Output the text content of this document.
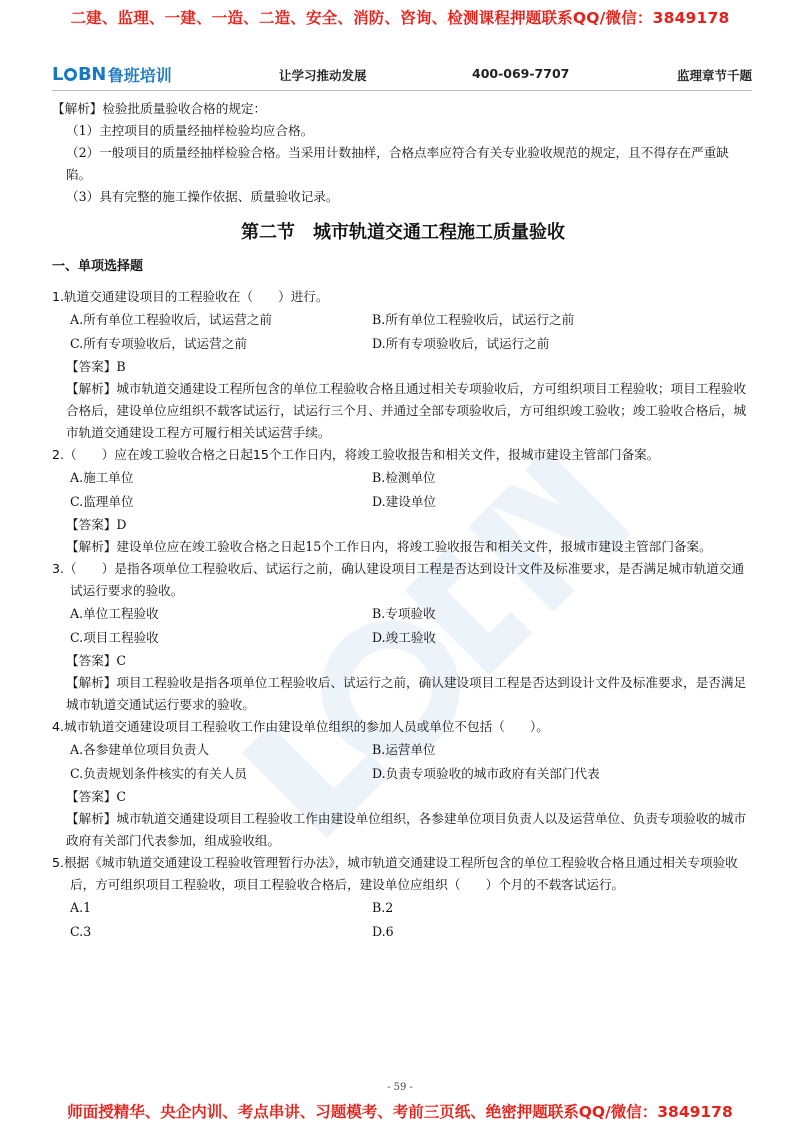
二建、监理、一建、一造、二造、安全、消防、咨询、检测课程押题联系QQ/微信：3849178
L BN 鲁班培训	让学习推动发展	400-069-7707	监理章节千题

【解析】检验批质量验收合格的规定：

（1）主控项目的质量经抽样检验均应合格。

（2）一般项目的质量经抽样检验合格。当采用计数抽样，合格点率应符合有关专业验收规范的规定，且不得存在严重缺陷。

（3）具有完整的施工操作依据、质量验收记录。

第二节　城市轨道交通工程施工质量验收
一、单项选择题

1.轨道交通建设项目的工程验收在（　　）进行。

A.所有单位工程验收后，试运营之前	B.所有单位工程验收后，试运行之前
C.所有专项验收后，试运营之前	D.所有专项验收后，试运行之前

【答案】B

【解析】城市轨道交通建设工程所包含的单位工程验收合格且通过相关专项验收后，方可组织项目工程验收；项目工程验收合格后，建设单位应组织不载客试运行，试运行三个月、并通过全部专项验收后，方可组织竣工验收；竣工验收合格后，城市轨道交通建设工程方可履行相关试运营手续。

2.（　　）应在竣工验收合格之日起15个工作日内，将竣工验收报告和相关文件，报城市建设主管部门备案。

A.施工单位	B.检测单位
C.监理单位	D.建设单位

【答案】D

【解析】建设单位应在竣工验收合格之日起15个工作日内，将竣工验收报告和相关文件，报城市建设主管部门备案。

3.（　　）是指各项单位工程验收后、试运行之前，确认建设项目工程是否达到设计文件及标准要求，是否满足城市轨道交通试运行要求的验收。

A.单位工程验收	B.专项验收
C.项目工程验收	D.竣工验收

【答案】C

【解析】项目工程验收是指各项单位工程验收后、试运行之前，确认建设项目工程是否达到设计文件及标准要求，是否满足城市轨道交通试运行要求的验收。

4.城市轨道交通建设项目工程验收工作由建设单位组织的参加人员或单位不包括（　　）。

A.各参建单位项目负责人	B.运营单位
C.负责规划条件核实的有关人员	D.负责专项验收的城市政府有关部门代表

【答案】C

【解析】城市轨道交通建设项目工程验收工作由建设单位组织，各参建单位项目负责人以及运营单位、负责专项验收的城市政府有关部门代表参加，组成验收组。

5.根据《城市轨道交通建设工程验收管理暂行办法》，城市轨道交通建设工程所包含的单位工程验收合格且通过相关专项验收后，方可组织项目工程验收，项目工程验收合格后，建设单位应组织（　　）个月的不载客试运行。

A.1	B.2
C.3	D.6
- 59 -
师面授精华、央企内训、考点串讲、习题模考、考前三页纸、绝密押题联系QQ/微信：3849178
